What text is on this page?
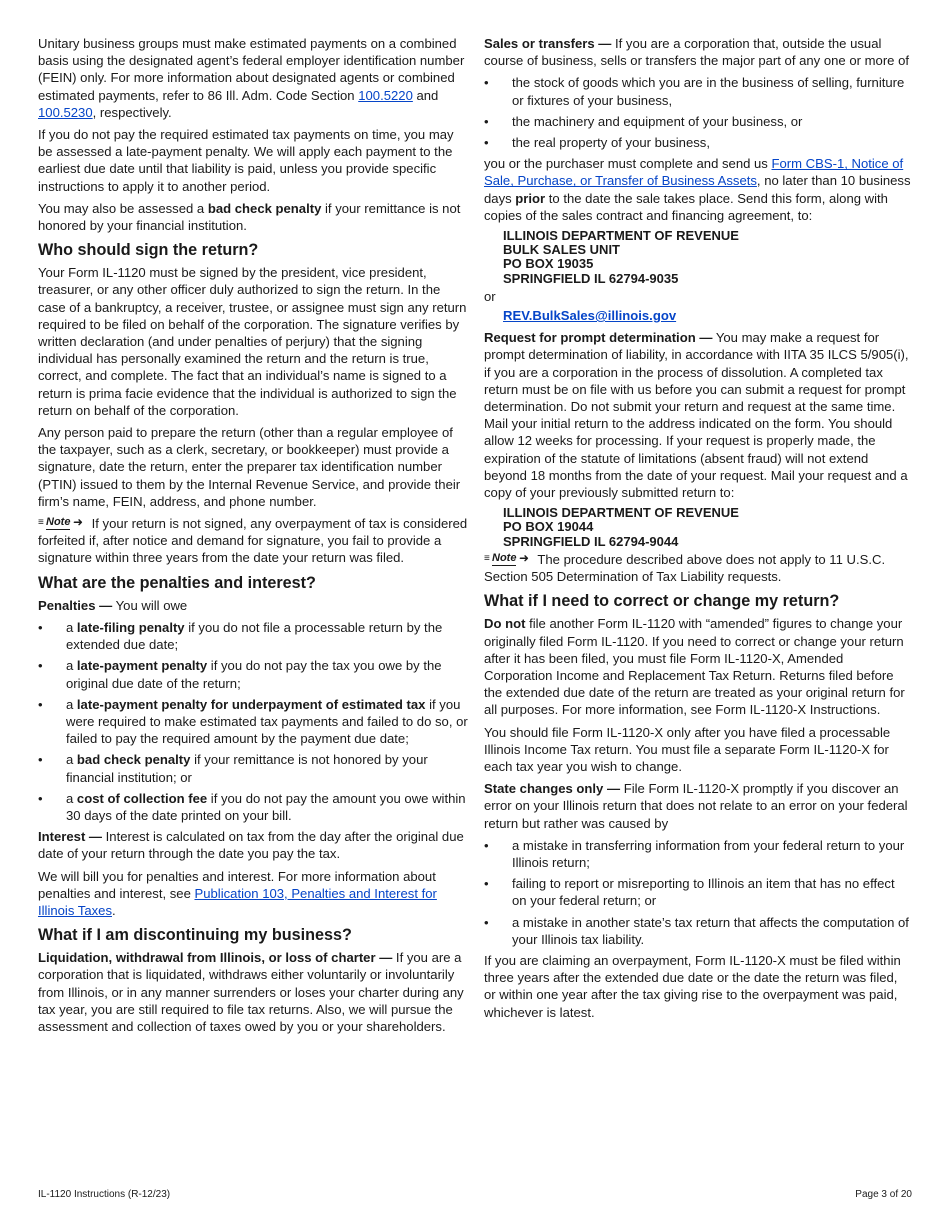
Unitary business groups must make estimated payments on a combined basis using the designated agent’s federal employer identification number (FEIN) only. For more information about designated agents or combined estimated payments, refer to 86 Ill. Adm. Code Section 100.5220 and 100.5230, respectively.

If you do not pay the required estimated tax payments on time, you may be assessed a late-payment penalty. We will apply each payment to the earliest due date until that liability is paid, unless you provide specific instructions to apply it to another period.

You may also be assessed a bad check penalty if your remittance is not honored by your financial institution.

Who should sign the return?

Your Form IL-1120 must be signed by the president, vice president, treasurer, or any other officer duly authorized to sign the return. In the case of a bankruptcy, a receiver, trustee, or assignee must sign any return required to be filed on behalf of the corporation. The signature verifies by written declaration (and under penalties of perjury) that the signing individual has personally examined the return and the return is true, correct, and complete. The fact that an individual’s name is signed to a return is prima facie evidence that the individual is authorized to sign the return on behalf of the corporation.

Any person paid to prepare the return (other than a regular employee of the taxpayer, such as a clerk, secretary, or bookkeeper) must provide a signature, date the return, enter the preparer tax identification number (PTIN) issued to them by the Internal Revenue Service, and provide their firm’s name, FEIN, address, and phone number.

≡ Note ➜ If your return is not signed, any overpayment of tax is considered forfeited if, after notice and demand for signature, you fail to provide a signature within three years from the date your return was filed.

What are the penalties and interest?

Penalties — You will owe

• a late-filing penalty if you do not file a processable return by the extended due date;
• a late-payment penalty if you do not pay the tax you owe by the original due date of the return;
• a late-payment penalty for underpayment of estimated tax if you were required to make estimated tax payments and failed to do so, or failed to pay the required amount by the payment due date;
• a bad check penalty if your remittance is not honored by your financial institution; or
• a cost of collection fee if you do not pay the amount you owe within 30 days of the date printed on your bill.

Interest — Interest is calculated on tax from the day after the original due date of your return through the date you pay the tax.

We will bill you for penalties and interest. For more information about penalties and interest, see Publication 103, Penalties and Interest for Illinois Taxes.

What if I am discontinuing my business?

Liquidation, withdrawal from Illinois, or loss of charter — If you are a corporation that is liquidated, withdraws either voluntarily or involuntarily from Illinois, or in any manner surrenders or loses your charter during any tax year, you are still required to file tax returns. Also, we will pursue the assessment and collection of taxes owed by you or your shareholders.

Sales or transfers — If you are a corporation that, outside the usual course of business, sells or transfers the major part of any one or more of

• the stock of goods which you are in the business of selling, furniture or fixtures of your business,
• the machinery and equipment of your business, or
• the real property of your business,

you or the purchaser must complete and send us Form CBS-1, Notice of Sale, Purchase, or Transfer of Business Assets, no later than 10 business days prior to the date the sale takes place. Send this form, along with copies of the sales contract and financing agreement, to:

ILLINOIS DEPARTMENT OF REVENUE
BULK SALES UNIT
PO BOX 19035
SPRINGFIELD IL 62794-9035

or

REV.BulkSales@illinois.gov

Request for prompt determination — You may make a request for prompt determination of liability, in accordance with IITA 35 ILCS 5/905(i), if you are a corporation in the process of dissolution. A completed tax return must be on file with us before you can submit a request for prompt determination. Do not submit your return and request at the same time. Mail your initial return to the address indicated on the form. You should allow 12 weeks for processing. If your request is properly made, the expiration of the statute of limitations (absent fraud) will not extend beyond 18 months from the date of your request. Mail your request and a copy of your previously submitted return to:

ILLINOIS DEPARTMENT OF REVENUE
PO BOX 19044
SPRINGFIELD IL 62794-9044

≡ Note ➜ The procedure described above does not apply to 11 U.S.C. Section 505 Determination of Tax Liability requests.

What if I need to correct or change my return?

Do not file another Form IL-1120 with “amended” figures to change your originally filed Form IL-1120. If you need to correct or change your return after it has been filed, you must file Form IL-1120-X, Amended Corporation Income and Replacement Tax Return. Returns filed before the extended due date of the return are treated as your original return for all purposes. For more information, see Form IL-1120-X Instructions.

You should file Form IL-1120-X only after you have filed a processable Illinois Income Tax return. You must file a separate Form IL-1120-X for each tax year you wish to change.

State changes only — File Form IL-1120-X promptly if you discover an error on your Illinois return that does not relate to an error on your federal return but rather was caused by

• a mistake in transferring information from your federal return to your Illinois return;
• failing to report or misreporting to Illinois an item that has no effect on your federal return; or
• a mistake in another state’s tax return that affects the computation of your Illinois tax liability.

If you are claiming an overpayment, Form IL-1120-X must be filed within three years after the extended due date or the date the return was filed, or within one year after the tax giving rise to the overpayment was paid, whichever is latest.

IL-1120 Instructions (R-12/23)	Page 3 of 20
